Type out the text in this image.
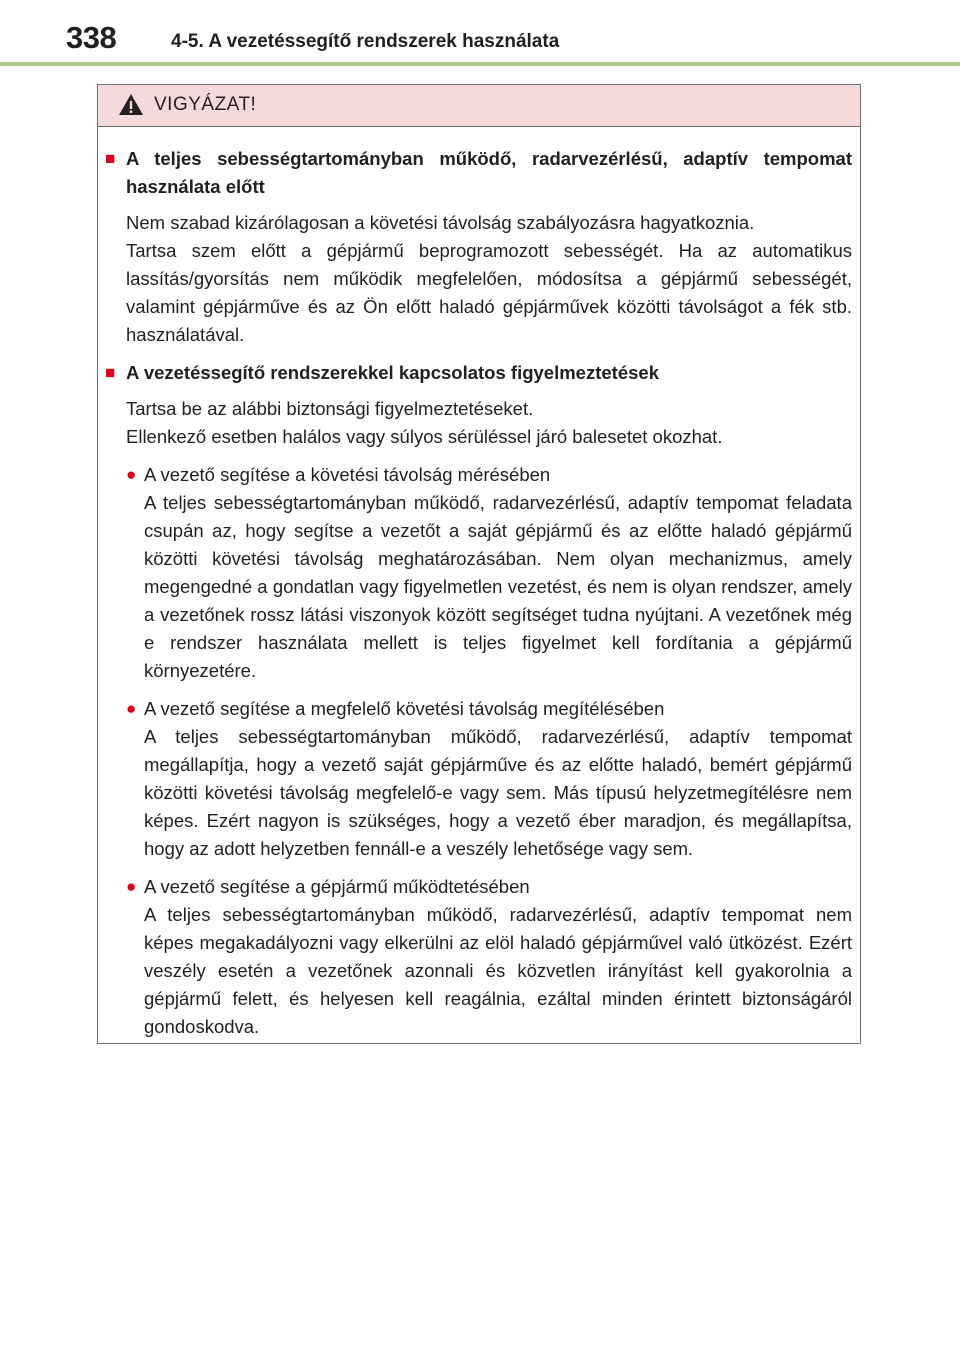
338	4-5. A vezetéssegítő rendszerek használata
VIGYÁZAT!
■ A teljes sebességtartományban működő, radarvezérlésű, adaptív tempomat használata előtt
Nem szabad kizárólagosan a követési távolság szabályozásra hagyatkoznia.
Tartsa szem előtt a gépjármű beprogramozott sebességét. Ha az automatikus lassítás/gyorsítás nem működik megfelelően, módosítsa a gépjármű sebességét, valamint gépjárműve és az Ön előtt haladó gépjárművek közötti távolságot a fék stb. használatával.
■ A vezetéssegítő rendszerekkel kapcsolatos figyelmeztetések
Tartsa be az alábbi biztonsági figyelmeztetéseket.
Ellenkező esetben halálos vagy súlyos sérüléssel járó balesetet okozhat.
● A vezető segítése a követési távolság mérésében
A teljes sebességtartományban működő, radarvezérlésű, adaptív tempomat feladata csupán az, hogy segítse a vezetőt a saját gépjármű és az előtte haladó gépjármű közötti követési távolság meghatározásában. Nem olyan mechanizmus, amely megengedné a gondatlan vagy figyelmetlen vezetést, és nem is olyan rendszer, amely a vezetőnek rossz látási viszonyok között segítséget tudna nyújtani. A vezetőnek még e rendszer használata mellett is teljes figyelmet kell fordítania a gépjármű környezetére.
● A vezető segítése a megfelelő követési távolság megítélésében
A teljes sebességtartományban működő, radarvezérlésű, adaptív tempomat megállapítja, hogy a vezető saját gépjárműve és az előtte haladó, bemért gépjármű közötti követési távolság megfelelő-e vagy sem. Más típusú helyzetmegítélésre nem képes. Ezért nagyon is szükséges, hogy a vezető éber maradjon, és megállapítsa, hogy az adott helyzetben fennáll-e a veszély lehetősége vagy sem.
● A vezető segítése a gépjármű működtetésében
A teljes sebességtartományban működő, radarvezérlésű, adaptív tempomat nem képes megakadályozni vagy elkerülni az elöl haladó gépjárművel való ütközést. Ezért veszély esetén a vezetőnek azonnali és közvetlen irányítást kell gyakorolnia a gépjármű felett, és helyesen kell reagálnia, ezáltal minden érintett biztonságáról gondoskodva.
